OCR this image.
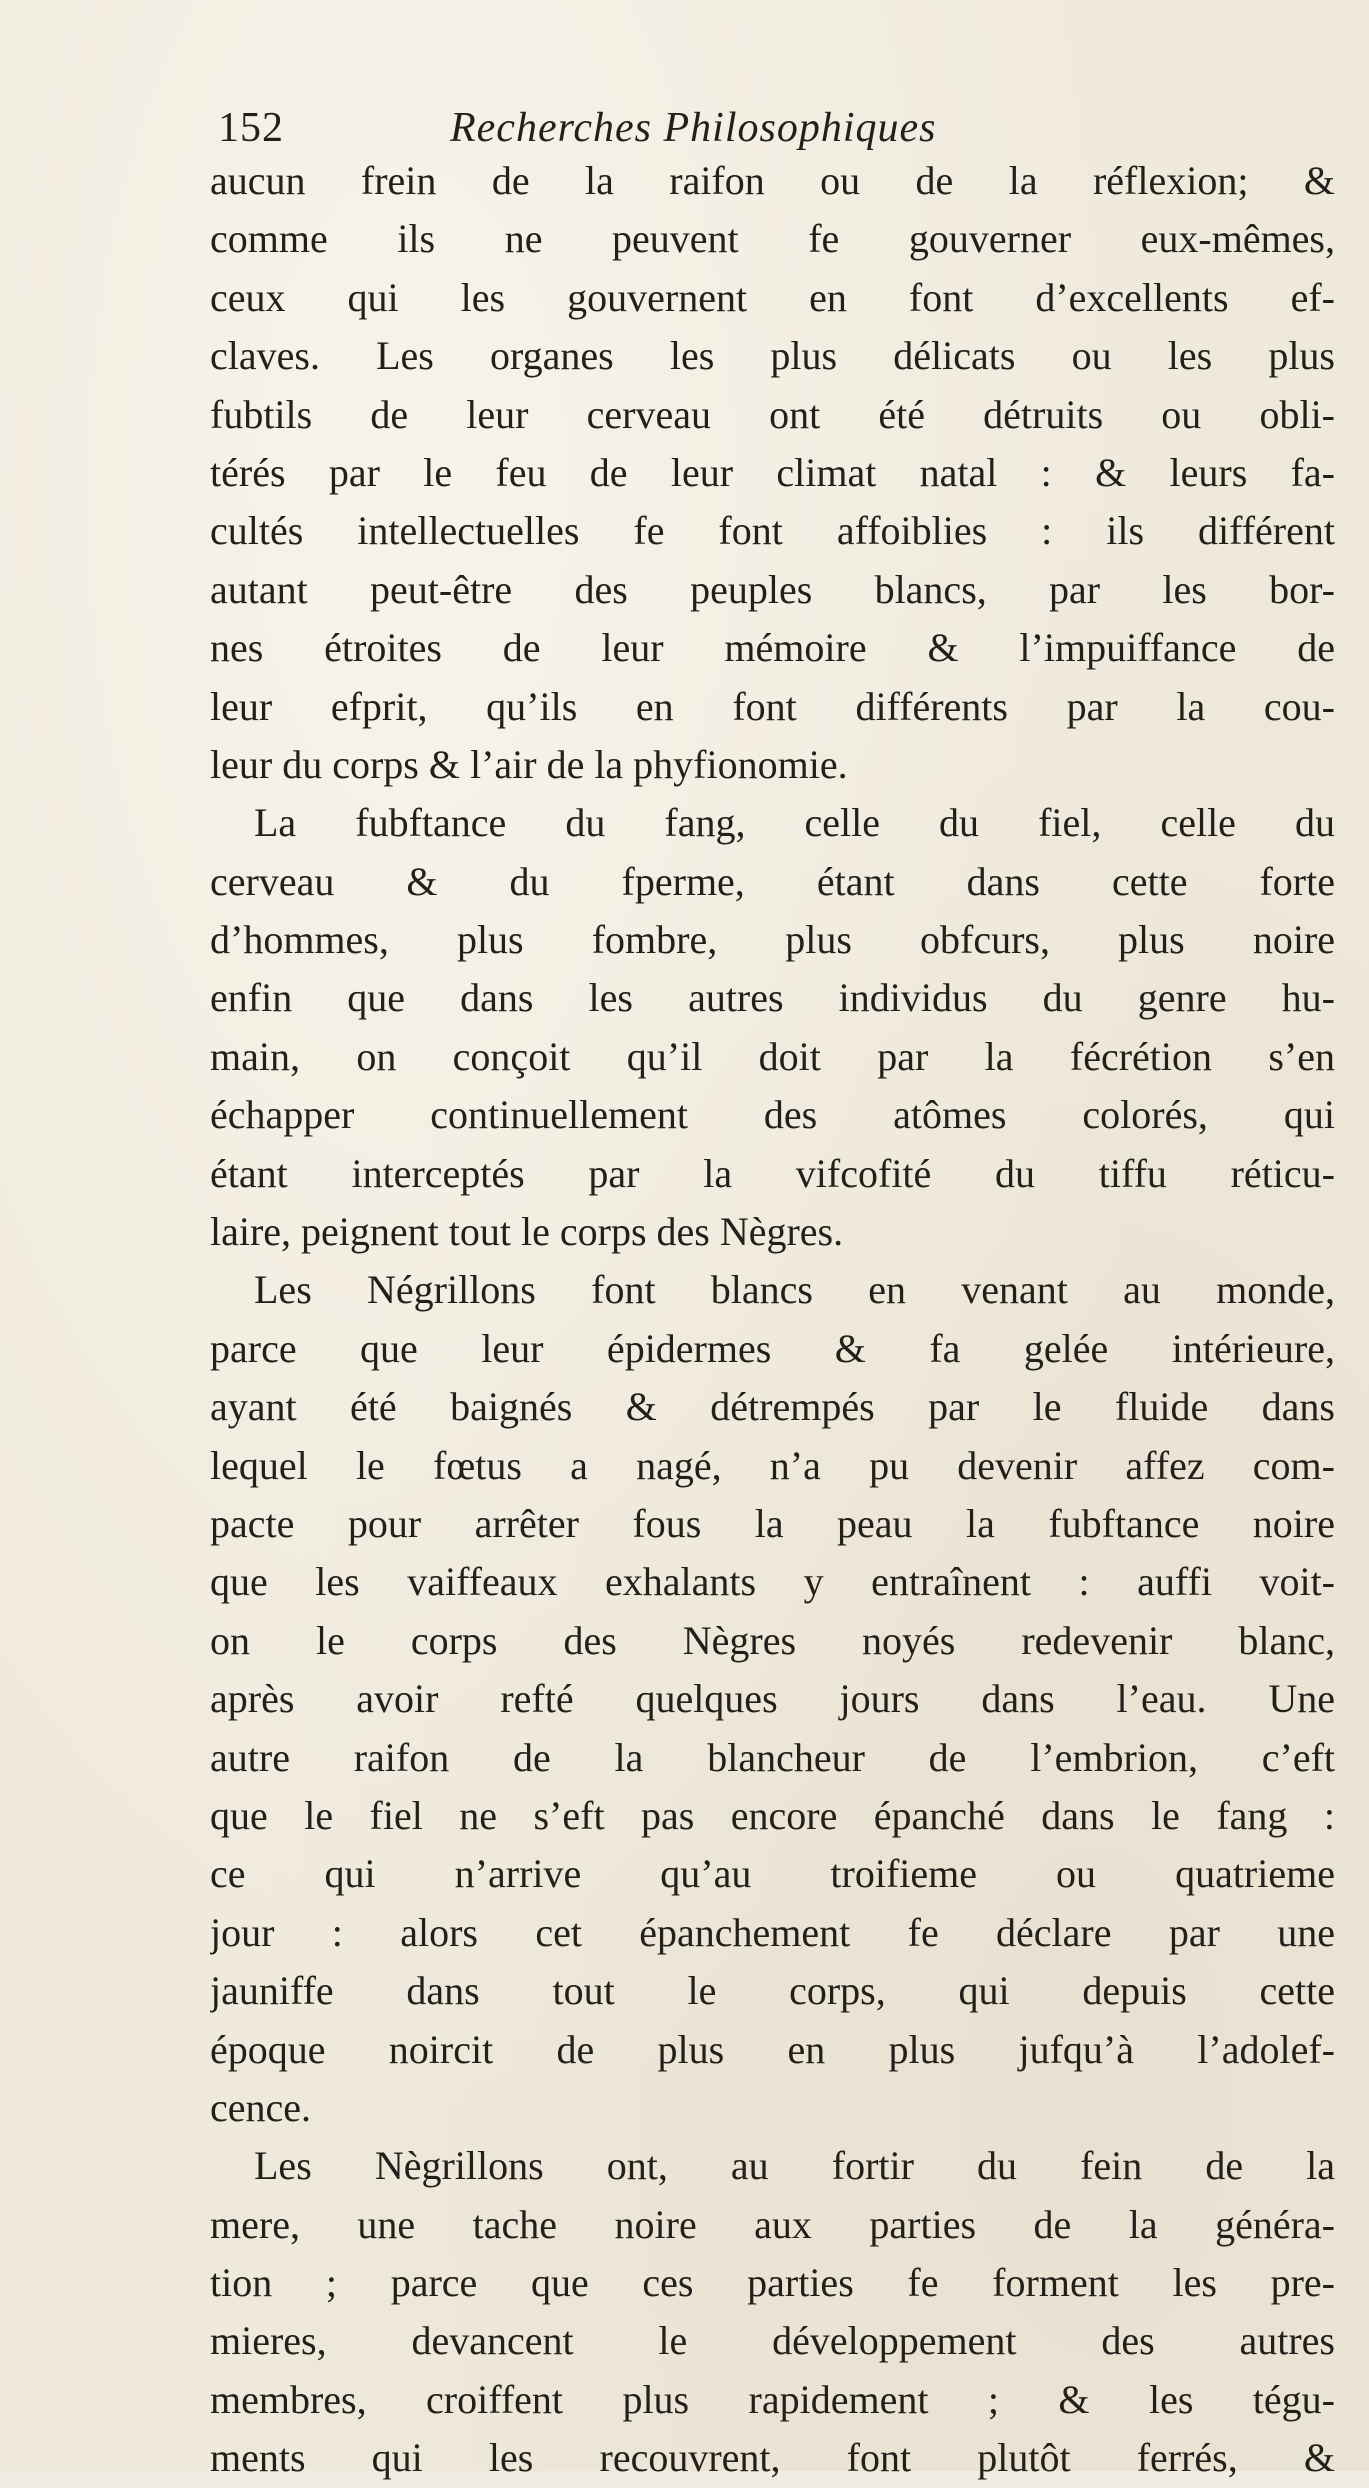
152	Recherches Philosophiques
aucun frein de la raifon ou de la réflexion; &
comme ils ne peuvent fe gouverner eux-mêmes,
ceux qui les gouvernent en font d’excellents ef-
claves. Les organes les plus délicats ou les plus
fubtils de leur cerveau ont été détruits ou obli-
térés par le feu de leur climat natal : & leurs fa-
cultés intellectuelles fe font affoiblies : ils différent
autant peut-être des peuples blancs, par les bor-
nes étroites de leur mémoire & l’impuiffance de
leur efprit, qu’ils en font différents par la cou-
leur du corps & l’air de la phyfionomie.
La fubftance du fang, celle du fiel, celle du
cerveau & du fperme, étant dans cette forte
d’hommes, plus fombre, plus obfcurs, plus noire
enfin que dans les autres individus du genre hu-
main, on conçoit qu’il doit par la fécrétion s’en
échapper continuellement des atômes colorés, qui
étant interceptés par la vifcofité du tiffu réticu-
laire, peignent tout le corps des Nègres.
Les Négrillons font blancs en venant au monde,
parce que leur épidermes & fa gelée intérieure,
ayant été baignés & détrempés par le fluide dans
lequel le fœtus a nagé, n’a pu devenir affez com-
pacte pour arrêter fous la peau la fubftance noire
que les vaiffeaux exhalants y entraînent : auffi voit-
on le corps des Nègres noyés redevenir blanc,
après avoir refté quelques jours dans l’eau. Une
autre raifon de la blancheur de l’embrion, c’eft
que le fiel ne s’eft pas encore épanché dans le fang :
ce qui n’arrive qu’au troifieme ou quatrieme
jour : alors cet épanchement fe déclare par une
jauniffe dans tout le corps, qui depuis cette
époque noircit de plus en plus jufqu’à l’adolef-
cence.
Les Nègrillons ont, au fortir du fein de la
mere, une tache noire aux parties de la généra-
tion ; parce que ces parties fe forment les pre-
mieres, devancent le développement des autres
membres, croiffent plus rapidement ; & les tégu-
ments qui les recouvrent, font plutôt ferrés, &
